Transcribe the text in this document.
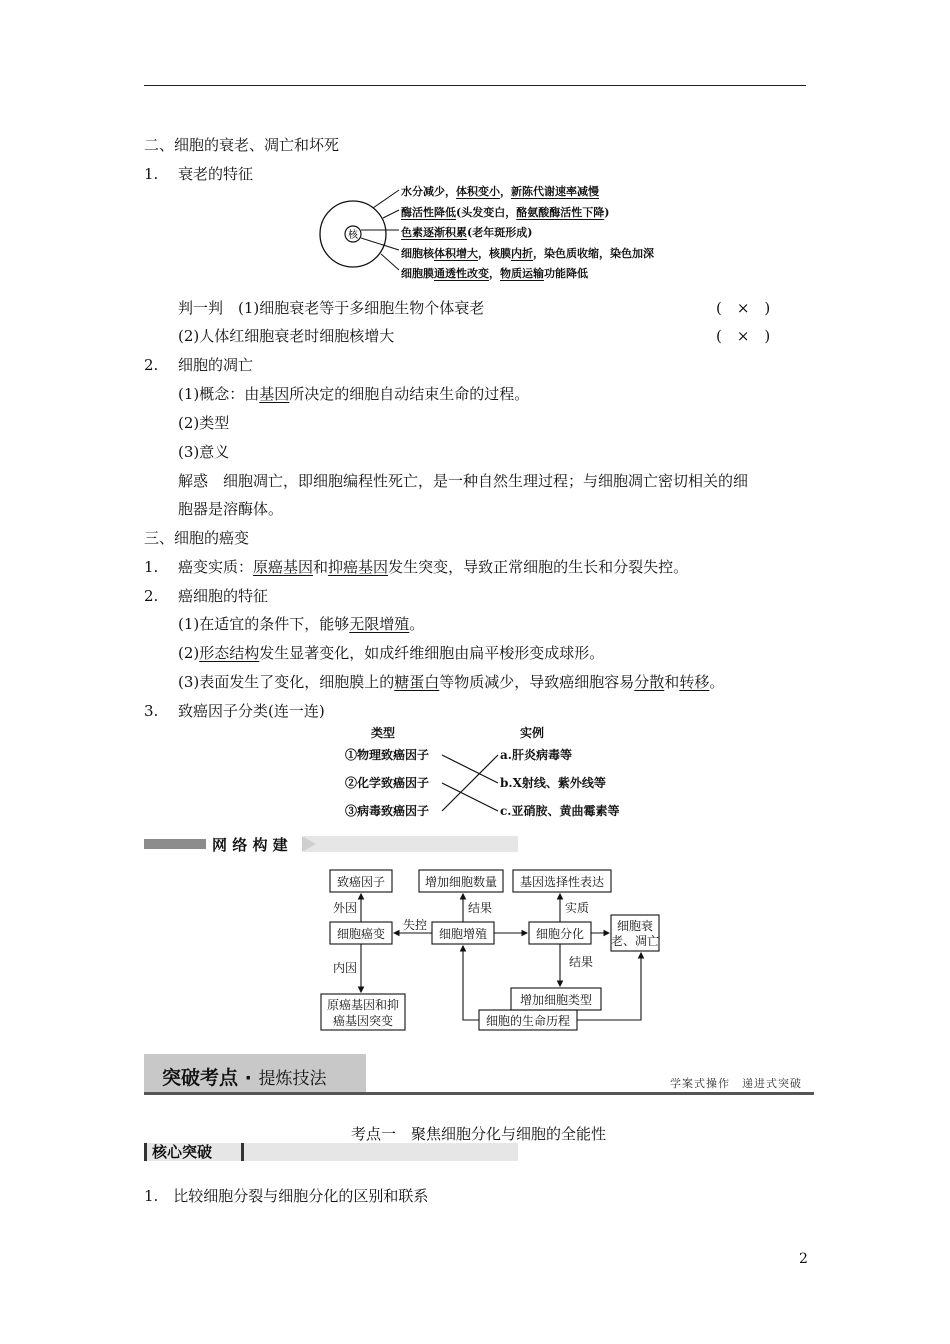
二、细胞的衰老、凋亡和坏死
1. 衰老的特征
核
水分减少，体积变小，新陈代谢速率减慢
酶活性降低(头发变白，酪氨酸酶活性下降)
色素逐渐积累(老年斑形成)
细胞核体积增大，核膜内折，染色质收缩，染色加深
细胞膜通透性改变，物质运输功能降低
判一判　 (1)细胞衰老等于多细胞生物个体衰老	(　×　)
(2)人体红细胞衰老时细胞核增大	(　×　)
2. 细胞的凋亡
(1)概念：由基因所决定的细胞自动结束生命的过程。
(2)类型
(3)意义
解惑　细胞凋亡，即细胞编程性死亡，是一种自然生理过程；与细胞凋亡密切相关的细
胞器是溶酶体。
三、细胞的癌变
1. 癌变实质：原癌基因和抑癌基因发生突变，导致正常细胞的生长和分裂失控。
2. 癌细胞的特征
(1)在适宜的条件下，能够无限增殖。
(2)形态结构发生显著变化，如成纤维细胞由扁平梭形变成球形。
(3)表面发生了变化，细胞膜上的糖蛋白等物质减少，导致癌细胞容易分散和转移。
3. 致癌因子分类(连一连)
类型	实例
①物理致癌因子
②化学致癌因子
③病毒致癌因子
a.肝炎病毒等
b.X射线、紫外线等
c.亚硝胺、黄曲霉素等
网 络 构 建
致癌因子	增加细胞数量 基因选择性表达
细胞癌变	细胞增殖	细胞分化
细胞衰
老、凋亡
增加细胞类型
原癌基因和抑
癌基因突变	细胞的生命历程
外因	结果	实质
失控
内因	结果
突破考点 · 提炼技法	学案式操作　递进式突破
考点一　聚焦细胞分化与细胞的全能性
核心突破
1.　比较细胞分裂与细胞分化的区别和联系
2
